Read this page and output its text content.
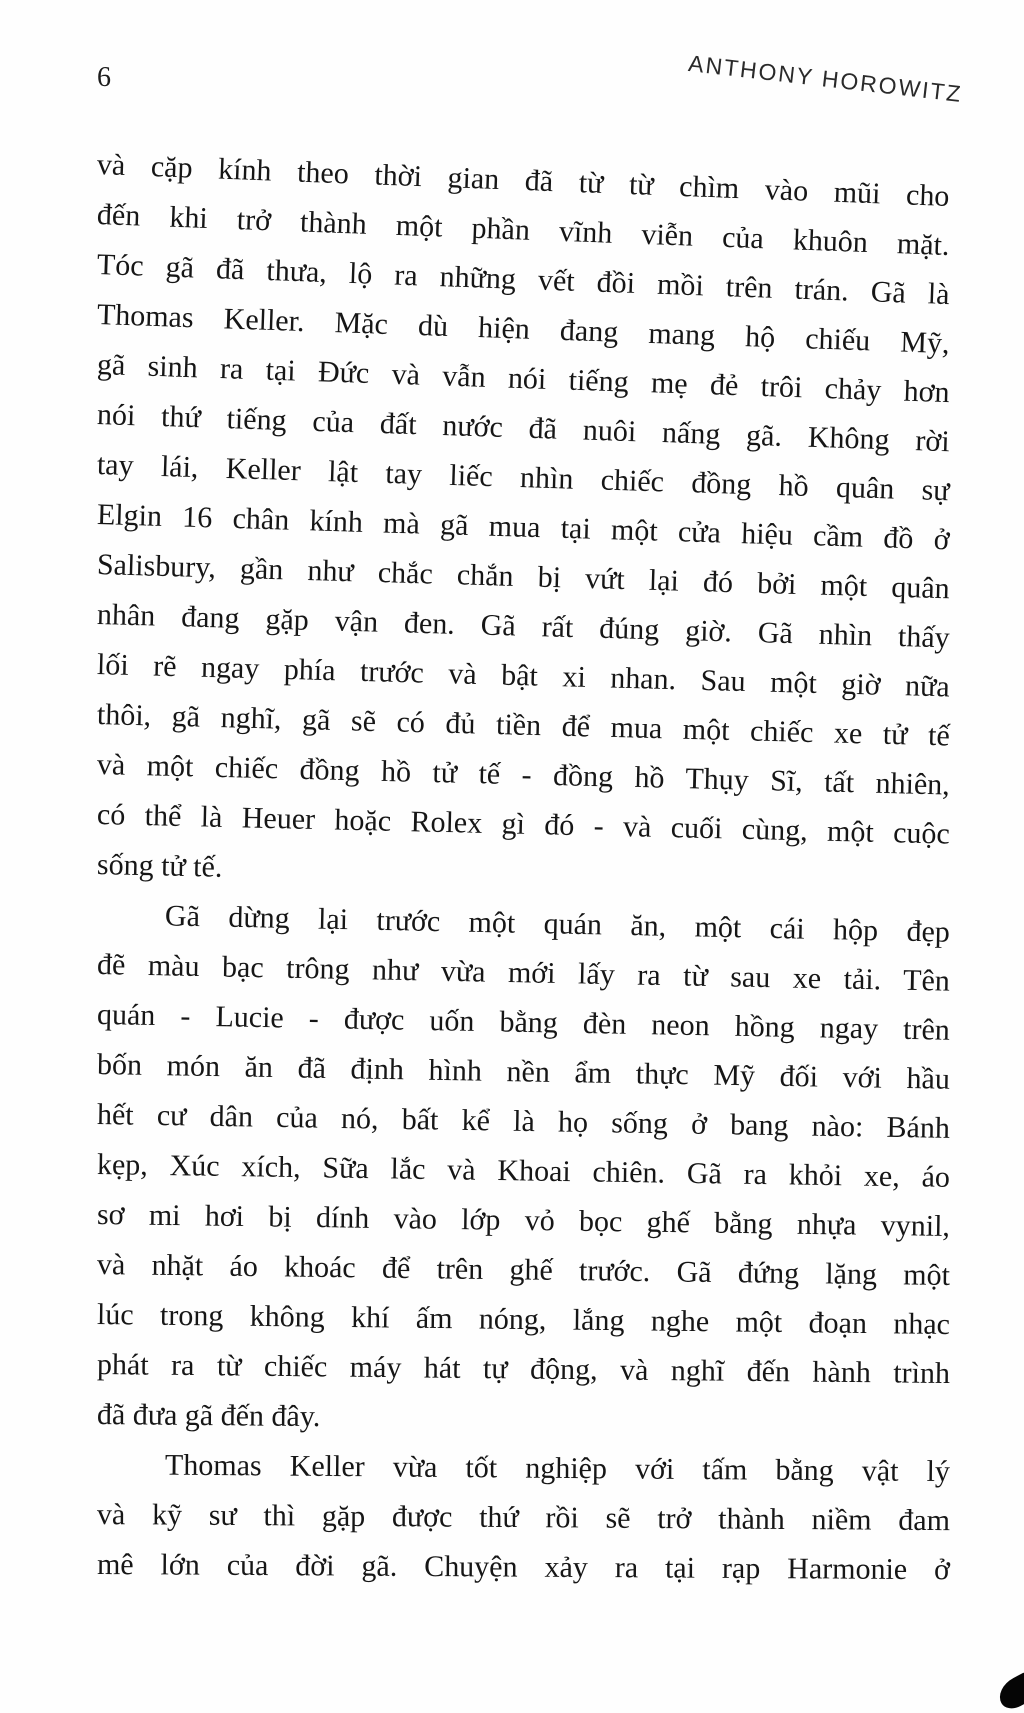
6	ANTHONY HOROWITZ
và cặp kính theo thời gian đã từ từ chìm vào mũi cho
đến khi trở thành một phần vĩnh viễn của khuôn mặt.
Tóc gã đã thưa, lộ ra những vết đồi mồi trên trán. Gã là
Thomas Keller. Mặc dù hiện đang mang hộ chiếu Mỹ,
gã sinh ra tại Đức và vẫn nói tiếng mẹ đẻ trôi chảy hơn
nói thứ tiếng của đất nước đã nuôi nấng gã. Không rời
tay lái, Keller lật tay liếc nhìn chiếc đồng hồ quân sự
Elgin 16 chân kính mà gã mua tại một cửa hiệu cầm đồ ở
Salisbury, gần như chắc chắn bị vứt lại đó bởi một quân
nhân đang gặp vận đen. Gã rất đúng giờ. Gã nhìn thấy
lối rẽ ngay phía trước và bật xi nhan. Sau một giờ nữa
thôi, gã nghĩ, gã sẽ có đủ tiền để mua một chiếc xe tử tế
và một chiếc đồng hồ tử tế - đồng hồ Thụy Sĩ, tất nhiên,
có thể là Heuer hoặc Rolex gì đó - và cuối cùng, một cuộc
sống tử tế.
Gã dừng lại trước một quán ăn, một cái hộp đẹp
đẽ màu bạc trông như vừa mới lấy ra từ sau xe tải. Tên
quán - Lucie - được uốn bằng đèn neon hồng ngay trên
bốn món ăn đã định hình nền ẩm thực Mỹ đối với hầu
hết cư dân của nó, bất kể là họ sống ở bang nào: Bánh
kẹp, Xúc xích, Sữa lắc và Khoai chiên. Gã ra khỏi xe, áo
sơ mi hơi bị dính vào lớp vỏ bọc ghế bằng nhựa vynil,
và nhặt áo khoác để trên ghế trước. Gã đứng lặng một
lúc trong không khí ấm nóng, lắng nghe một đoạn nhạc
phát ra từ chiếc máy hát tự động, và nghĩ đến hành trình
đã đưa gã đến đây.
Thomas Keller vừa tốt nghiệp với tấm bằng vật lý
và kỹ sư thì gặp được thứ rồi sẽ trở thành niềm đam
mê lớn của đời gã. Chuyện xảy ra tại rạp Harmonie ở
